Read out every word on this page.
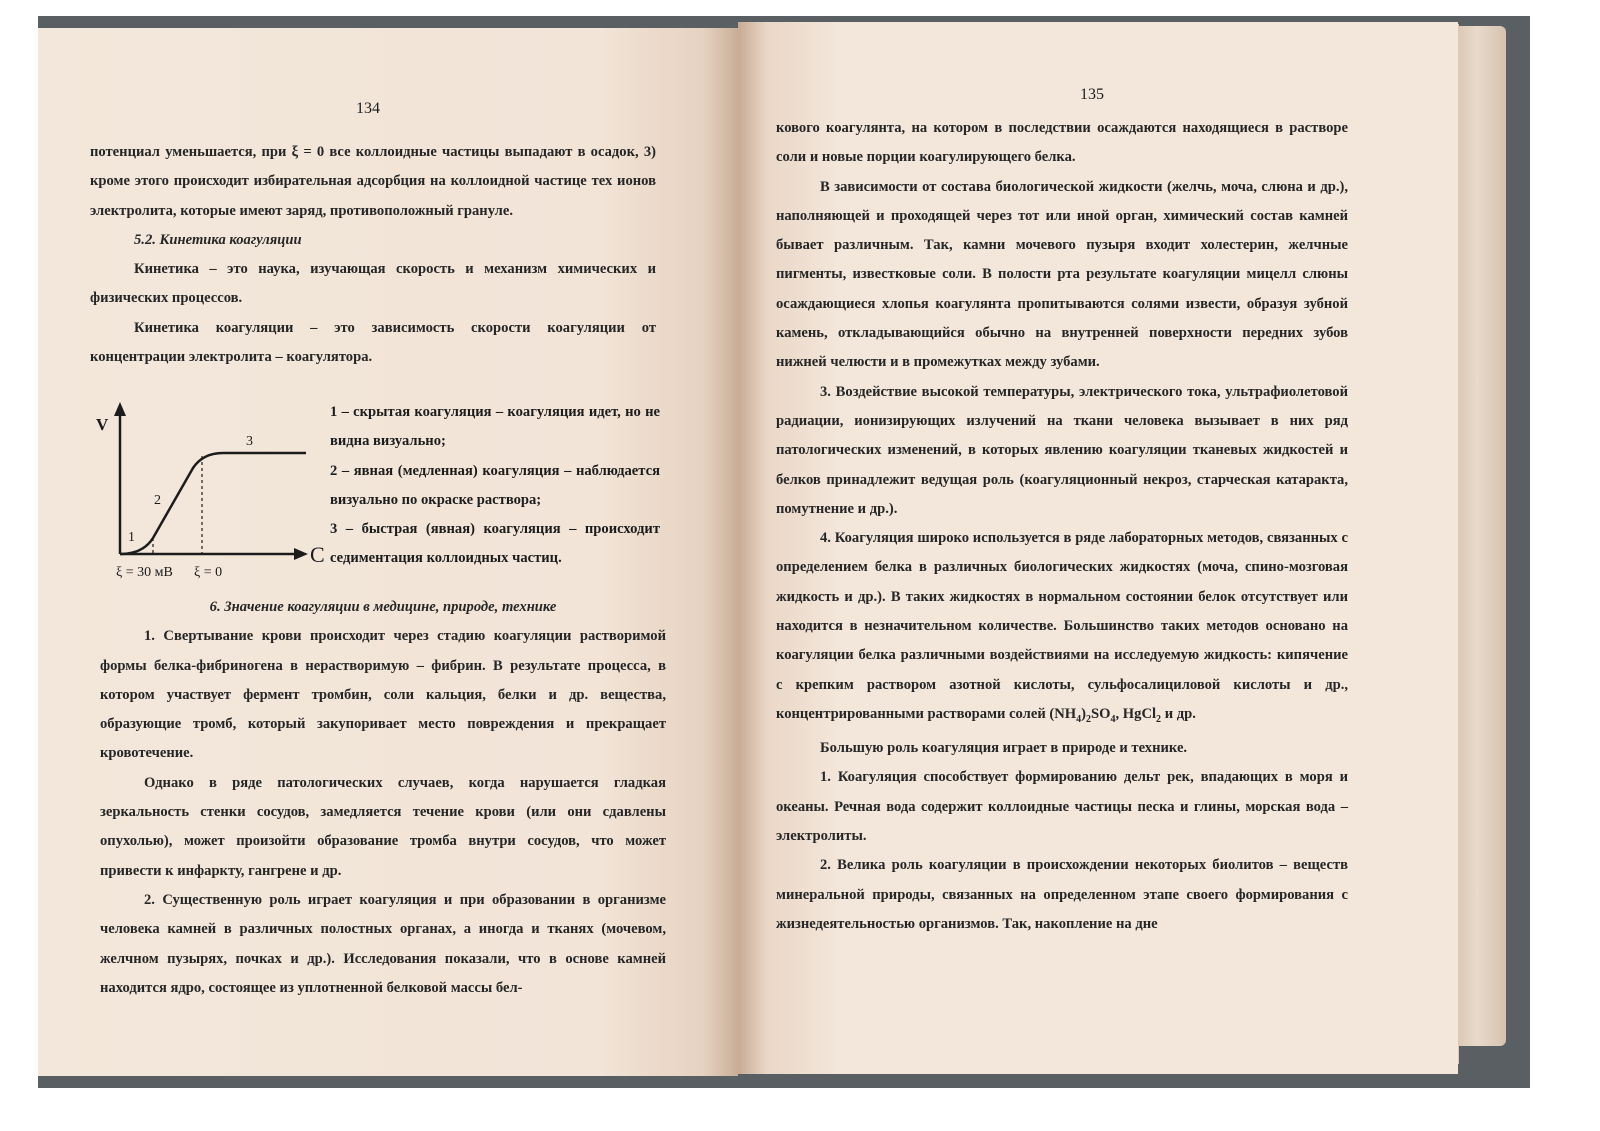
134

потенциал уменьшается, при ξ = 0 все коллоидные частицы выпадают в осадок, 3) кроме этого происходит избирательная адсорбция на коллоидной частице тех ионов электролита, которые имеют заряд, противоположный грануле.

5.2. Кинетика коагуляции

Кинетика – это наука, изучающая скорость и механизм химических и физических процессов.

Кинетика коагуляции – это зависимость скорости коагуляции от концентрации электролита – коагулятора.

V
C
1
2
3
ξ = 30 мВ ξ = 0

1 – скрытая коагуляция – коагуляция идет, но не видна визуально;

2 – явная (медленная) коагуляция – наблюдается визуально по окраске раствора;

3 – быстрая (явная) коагуляция – происходит седиментация коллоидных частиц.

6. Значение коагуляции в медицине, природе, технике

1. Свертывание крови происходит через стадию коагуляции растворимой формы белка-фибриногена в нерастворимую – фибрин. В результате процесса, в котором участвует фермент тромбин, соли кальция, белки и др. вещества, образующие тромб, который закупоривает место повреждения и прекращает кровотечение.

Однако в ряде патологических случаев, когда нарушается гладкая зеркальность стенки сосудов, замедляется течение крови (или они сдавлены опухолью), может произойти образование тромба внутри сосудов, что может привести к инфаркту, гангрене и др.

2. Существенную роль играет коагуляция и при образовании в организме человека камней в различных полостных органах, а иногда и тканях (мочевом, желчном пузырях, почках и др.). Исследования показали, что в основе камней находится ядро, состоящее из уплотненной белковой массы бел-

135

кового коагулянта, на котором в последствии осаждаются находящиеся в растворе соли и новые порции коагулирующего белка.

В зависимости от состава биологической жидкости (желчь, моча, слюна и др.), наполняющей и проходящей через тот или иной орган, химический состав камней бывает различным. Так, камни мочевого пузыря входит холестерин, желчные пигменты, известковые соли. В полости рта результате коагуляции мицелл слюны осаждающиеся хлопья коагулянта пропитываются солями извести, образуя зубной камень, откладывающийся обычно на внутренней поверхности передних зубов нижней челюсти и в промежутках между зубами.

3. Воздействие высокой температуры, электрического тока, ультрафиолетовой радиации, ионизирующих излучений на ткани человека вызывает в них ряд патологических изменений, в которых явлению коагуляции тканевых жидкостей и белков принадлежит ведущая роль (коагуляционный некроз, старческая катаракта, помутнение и др.).

4. Коагуляция широко используется в ряде лабораторных методов, связанных с определением белка в различных биологических жидкостях (моча, спино-мозговая жидкость и др.). В таких жидкостях в нормальном состоянии белок отсутствует или находится в незначительном количестве. Большинство таких методов основано на коагуляции белка различными воздействиями на исследуемую жидкость: кипячение с крепким раствором азотной кислоты, сульфосалициловой кислоты и др., концентрированными растворами солей $(NH_4)_2SO_4$, HgCl$_2$ и др.

Большую роль коагуляция играет в природе и технике.

1. Коагуляция способствует формированию дельт рек, впадающих в моря и океаны. Речная вода содержит коллоидные частицы песка и глины, морская вода – электролиты.

2. Велика роль коагуляции в происхождении некоторых биолитов – веществ минеральной природы, связанных на определенном этапе своего формирования с жизнедеятельностью организмов. Так, накопление на дне
